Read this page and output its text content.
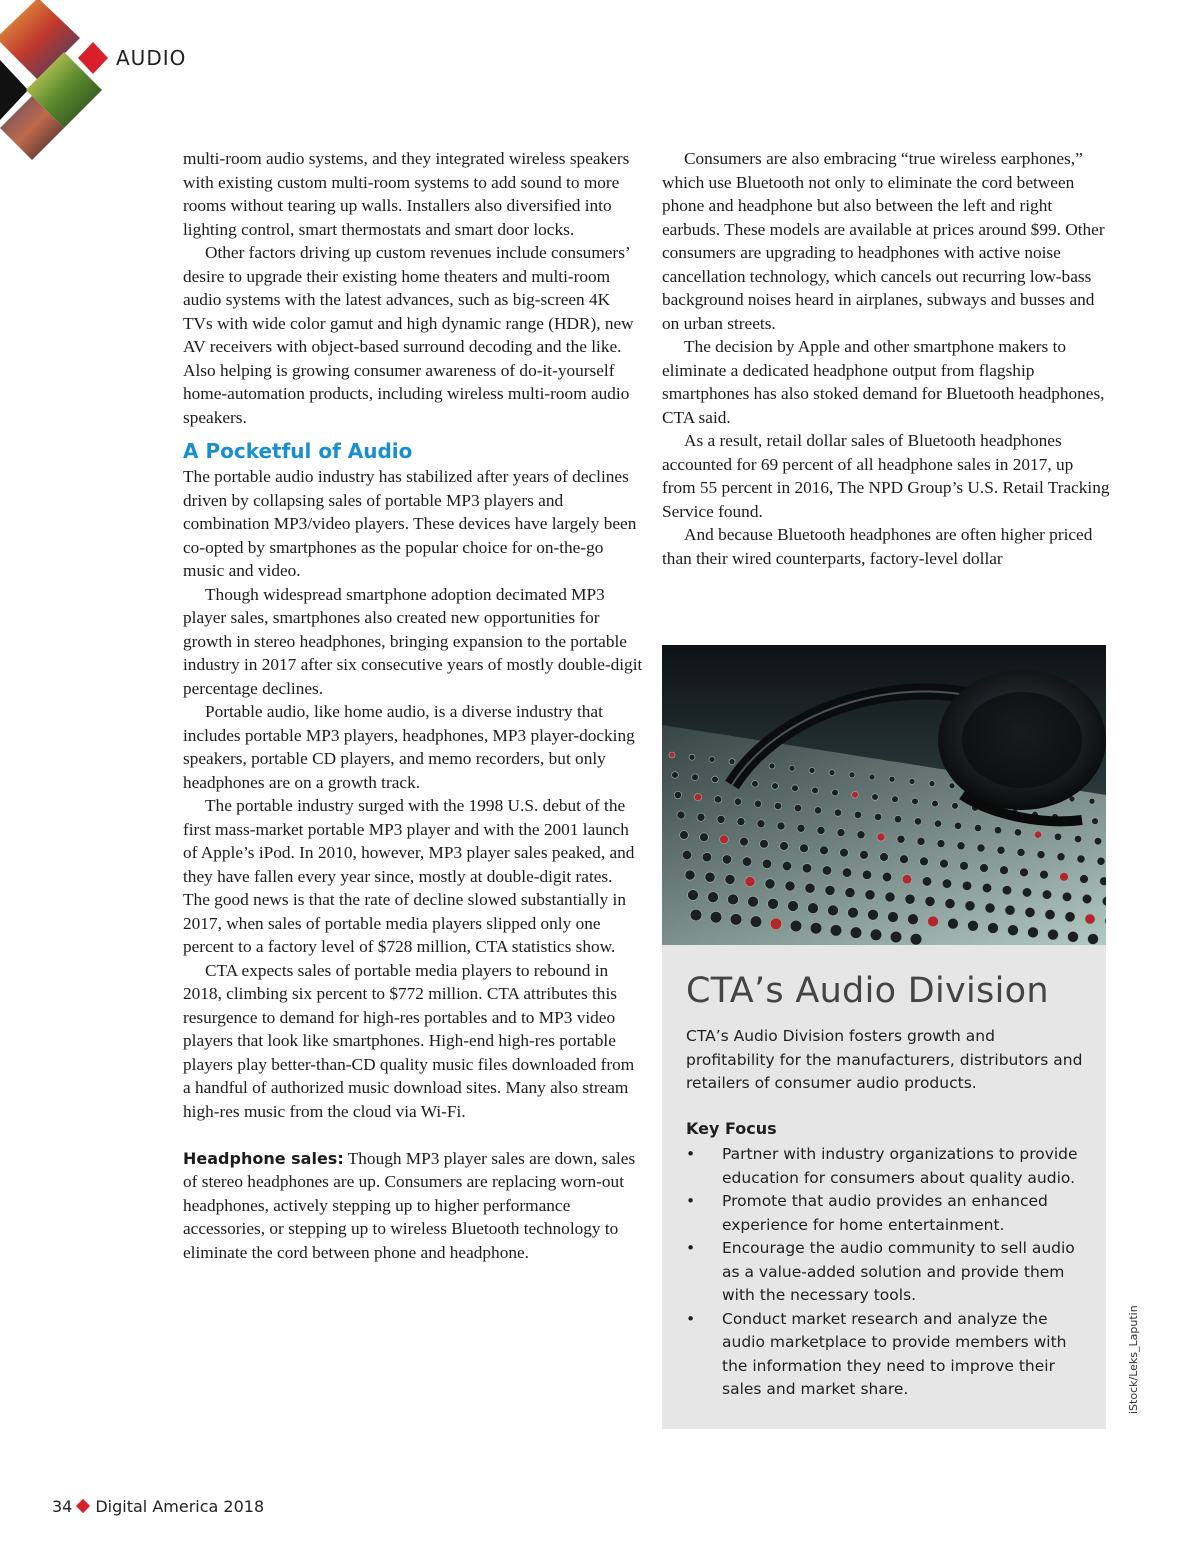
AUDIO

multi-room audio systems, and they integrated wireless speakers with existing custom multi-room systems to add sound to more rooms without tearing up walls. Installers also diversified into lighting control, smart thermostats and smart door locks.

Other factors driving up custom revenues include consumers’ desire to upgrade their existing home theaters and multi-room audio systems with the latest advances, such as big-screen 4K TVs with wide color gamut and high dynamic range (HDR), new AV receivers with object-based surround decoding and the like. Also helping is growing consumer awareness of do-it-yourself home-automation products, including wireless multi-room audio speakers.

A Pocketful of Audio

The portable audio industry has stabilized after years of declines driven by collapsing sales of portable MP3 players and combination MP3/video players. These devices have largely been co-opted by smartphones as the popular choice for on-the-go music and video.

Though widespread smartphone adoption decimated MP3 player sales, smartphones also created new opportunities for growth in stereo headphones, bringing expansion to the portable industry in 2017 after six consecutive years of mostly double-digit percentage declines.

Portable audio, like home audio, is a diverse industry that includes portable MP3 players, headphones, MP3 player-docking speakers, portable CD players, and memo recorders, but only headphones are on a growth track.

The portable industry surged with the 1998 U.S. debut of the first mass-market portable MP3 player and with the 2001 launch of Apple’s iPod. In 2010, however, MP3 player sales peaked, and they have fallen every year since, mostly at double-digit rates. The good news is that the rate of decline slowed substantially in 2017, when sales of portable media players slipped only one percent to a factory level of $728 million, CTA statistics show.

CTA expects sales of portable media players to rebound in 2018, climbing six percent to $772 million. CTA attributes this resurgence to demand for high-res portables and to MP3 video players that look like smartphones. High-end high-res portable players play better-than-CD quality music files downloaded from a handful of authorized music download sites. Many also stream high-res music from the cloud via Wi-Fi.

Headphone sales: Though MP3 player sales are down, sales of stereo headphones are up. Consumers are replacing worn-out headphones, actively stepping up to higher performance accessories, or stepping up to wireless Bluetooth technology to eliminate the cord between phone and headphone.

Consumers are also embracing “true wireless earphones,” which use Bluetooth not only to eliminate the cord between phone and headphone but also between the left and right earbuds. These models are available at prices around $99. Other consumers are upgrading to headphones with active noise cancellation technology, which cancels out recurring low-bass background noises heard in airplanes, subways and busses and on urban streets.

The decision by Apple and other smartphone makers to eliminate a dedicated headphone output from flagship smartphones has also stoked demand for Bluetooth headphones, CTA said.

As a result, retail dollar sales of Bluetooth headphones accounted for 69 percent of all headphone sales in 2017, up from 55 percent in 2016, The NPD Group’s U.S. Retail Tracking Service found.

And because Bluetooth headphones are often higher priced than their wired counterparts, factory-level dollar

CTA’s Audio Division
CTA’s Audio Division fosters growth and profitability for the manufacturers, distributors and retailers of consumer audio products.
Key Focus
•	Partner with industry organizations to provide education for consumers about quality audio.
•	Promote that audio provides an enhanced experience for home entertainment.
•	Encourage the audio community to sell audio as a value-added solution and provide them with the necessary tools.
•	Conduct market research and analyze the audio marketplace to provide members with the information they need to improve their sales and market share.	iStock/Leks_Laputin
34 Digital America 2018
